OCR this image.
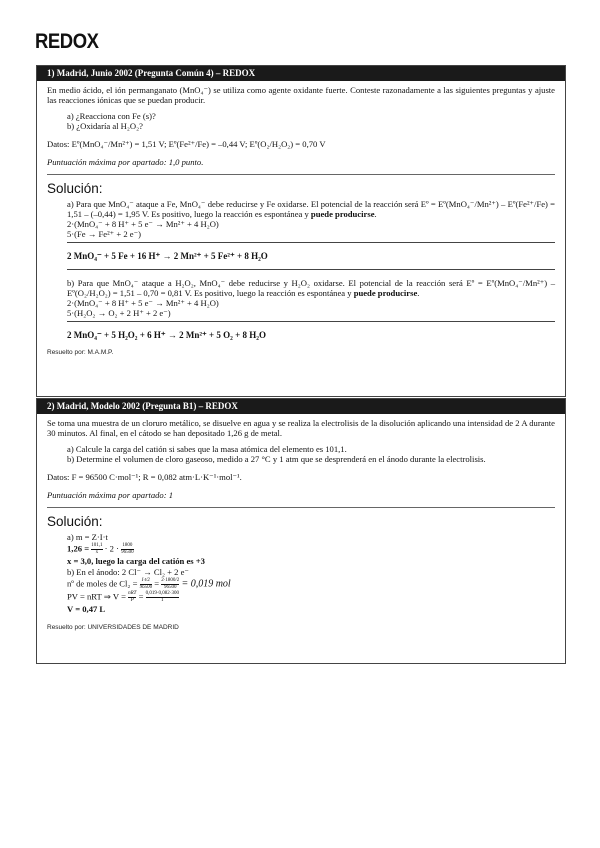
REDOX
1) Madrid, Junio 2002 (Pregunta Común 4) – REDOX

En medio ácido, el ión permanganato (MnO₄⁻) se utiliza como agente oxidante fuerte. Conteste razonadamente a las siguientes preguntas y ajuste las reacciones iónicas que se puedan producir.

a) ¿Reacciona con Fe (s)?

b) ¿Oxidaría al H₂O₂?

Datos: Eº(MnO₄⁻/Mn²⁺) = 1,51 V; Eº(Fe²⁺/Fe) = –0,44 V; Eº(O₂/H₂O₂) = 0,70 V

Puntuación máxima por apartado: 1,0 punto.

Solución:

a) Para que MnO₄⁻ ataque a Fe, MnO₄⁻ debe reducirse y Fe oxidarse. El potencial de la reacción será Eº = Eº(MnO₄⁻/Mn²⁺) – Eº(Fe²⁺/Fe) = 1,51 – (–0,44) = 1,95 V. Es positivo, luego la reacción es espontánea y puede producirse.

2·(MnO₄⁻ + 8 H⁺ + 5 e⁻ → Mn²⁺ + 4 H₂O)

5·(Fe → Fe²⁺ + 2 e⁻)

2 MnO₄⁻ + 5 Fe + 16 H⁺ → 2 Mn²⁺ + 5 Fe²⁺ + 8 H₂O

b) Para que MnO₄⁻ ataque a H₂O₂, MnO₄⁻ debe reducirse y H₂O₂ oxidarse. El potencial de la reacción será Eº = Eº(MnO₄⁻/Mn²⁺) – Eº(O₂/H₂O₂) = 1,51 – 0,70 = 0,81 V. Es positivo, luego la reacción es espontánea y puede producirse.

2·(MnO₄⁻ + 8 H⁺ + 5 e⁻ → Mn²⁺ + 4 H₂O)

5·(H₂O₂ → O₂ + 2 H⁺ + 2 e⁻)

2 MnO₄⁻ + 5 H₂O₂ + 6 H⁺ → 2 Mn²⁺ + 5 O₂ + 8 H₂O

Resuelto por: M.A.M.P.

2) Madrid, Modelo 2002 (Pregunta B1) – REDOX

Se toma una muestra de un cloruro metálico, se disuelve en agua y se realiza la electrolisis de la disolución aplicando una intensidad de 2 A durante 30 minutos. Al final, en el cátodo se han depositado 1,26 g de metal.

a) Calcule la carga del catión si sabes que la masa atómica del elemento es 101,1.

b) Determine el volumen de cloro gaseoso, medido a 27 °C y 1 atm que se desprenderá en el ánodo durante la electrolisis.

Datos: F = 96500 C·mol⁻¹; R = 0,082 atm·L·K⁻¹·mol⁻¹.

Puntuación máxima por apartado: 1

Solución:

a) m = Z·I·t

$1,26 = \frac{101,1}{x} \cdot 2 \cdot \frac{1800}{96500}$

x = 3,0, luego la carga del catión es +3

b) En el ánodo: 2 Cl⁻ → Cl₂ + 2 e⁻

nº de moles de $Cl_2 = \frac{I\cdot t/2}{96500} = \frac{2\cdot 1800/2}{96500} = 0,019$ mol

PV = nRT ⇒ V = nRT
$P = \frac{0,019\cdot 0,082\cdot 300}{1}$

V = 0,47 L

Resuelto por: UNIVERSIDADES DE MADRID
